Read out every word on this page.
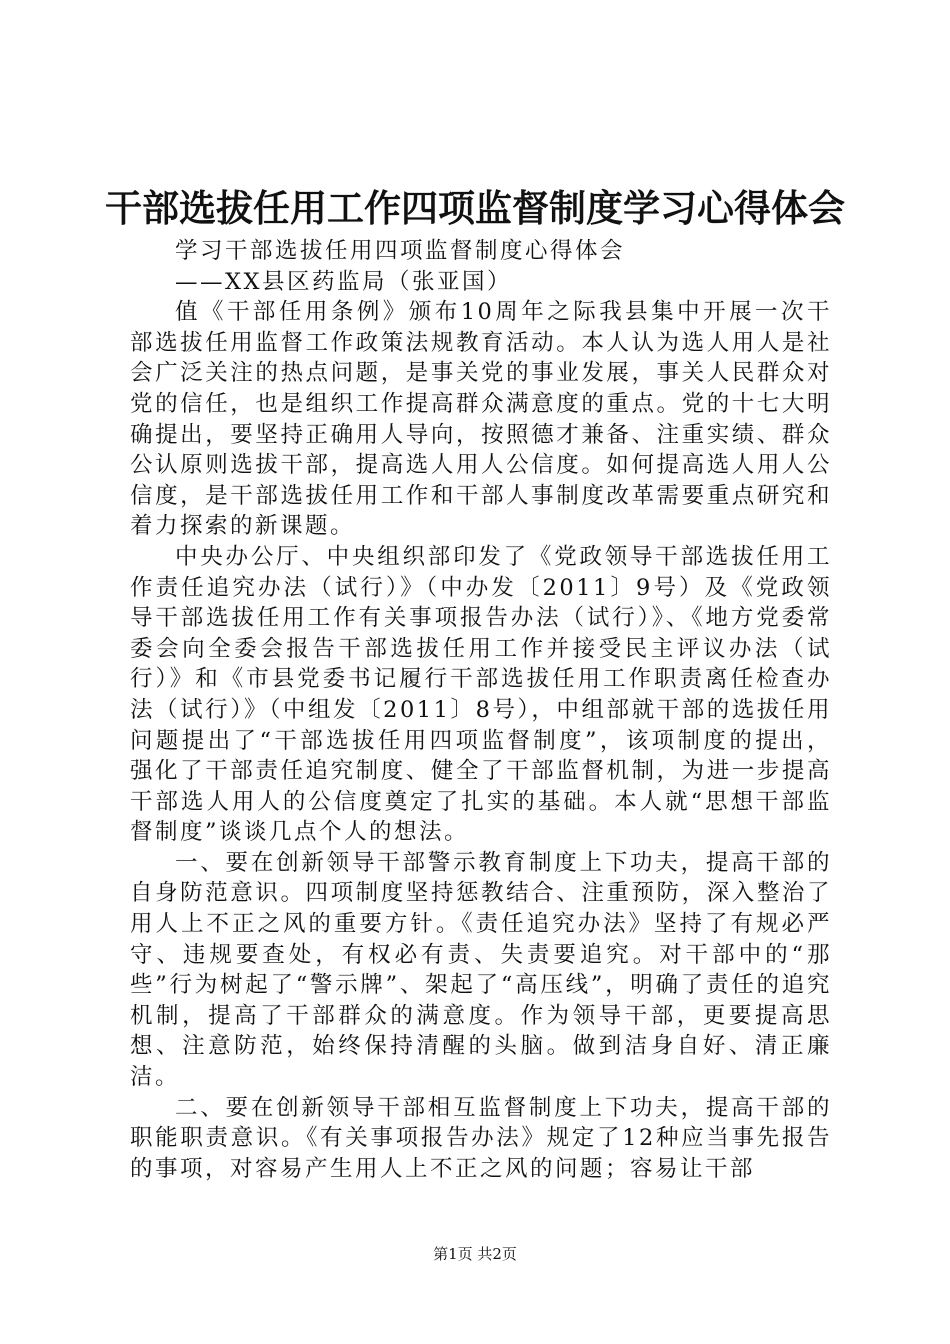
干部选拔任用工作四项监督制度学习心得体会

学习干部选拔任用四项监督制度心得体会

——XX县区药监局（张亚国）

值《干部任用条例》颁布10周年之际我县集中开展一次干部选拔任用监督工作政策法规教育活动。本人认为选人用人是社会广泛关注的热点问题，是事关党的事业发展，事关人民群众对党的信任，也是组织工作提高群众满意度的重点。党的十七大明确提出，要坚持正确用人导向，按照德才兼备、注重实绩、群众公认原则选拔干部，提高选人用人公信度。如何提高选人用人公信度，是干部选拔任用工作和干部人事制度改革需要重点研究和着力探索的新课题。

中央办公厅、中央组织部印发了《党政领导干部选拔任用工作责任追究办法（试行）》（中办发〔2011〕9号）及《党政领导干部选拔任用工作有关事项报告办法（试行）》、《地方党委常委会向全委会报告干部选拔任用工作并接受民主评议办法（试行）》和《市县党委书记履行干部选拔任用工作职责离任检查办法（试行）》（中组发〔2011〕8号），中组部就干部的选拔任用问题提出了“干部选拔任用四项监督制度”，该项制度的提出，强化了干部责任追究制度、健全了干部监督机制，为进一步提高干部选人用人的公信度奠定了扎实的基础。本人就“思想干部监督制度”谈谈几点个人的想法。

一、要在创新领导干部警示教育制度上下功夫，提高干部的自身防范意识。四项制度坚持惩教结合、注重预防，深入整治了用人上不正之风的重要方针。《责任追究办法》坚持了有规必严守、违规要查处，有权必有责、失责要追究。对干部中的“那些”行为树起了“警示牌”、架起了“高压线”，明确了责任的追究机制，提高了干部群众的满意度。作为领导干部，更要提高思想、注意防范，始终保持清醒的头脑。做到洁身自好、清正廉洁。

二、要在创新领导干部相互监督制度上下功夫，提高干部的职能职责意识。《有关事项报告办法》规定了12种应当事先报告的事项，对容易产生用人上不正之风的问题；容易让干部

第1页 共2页
